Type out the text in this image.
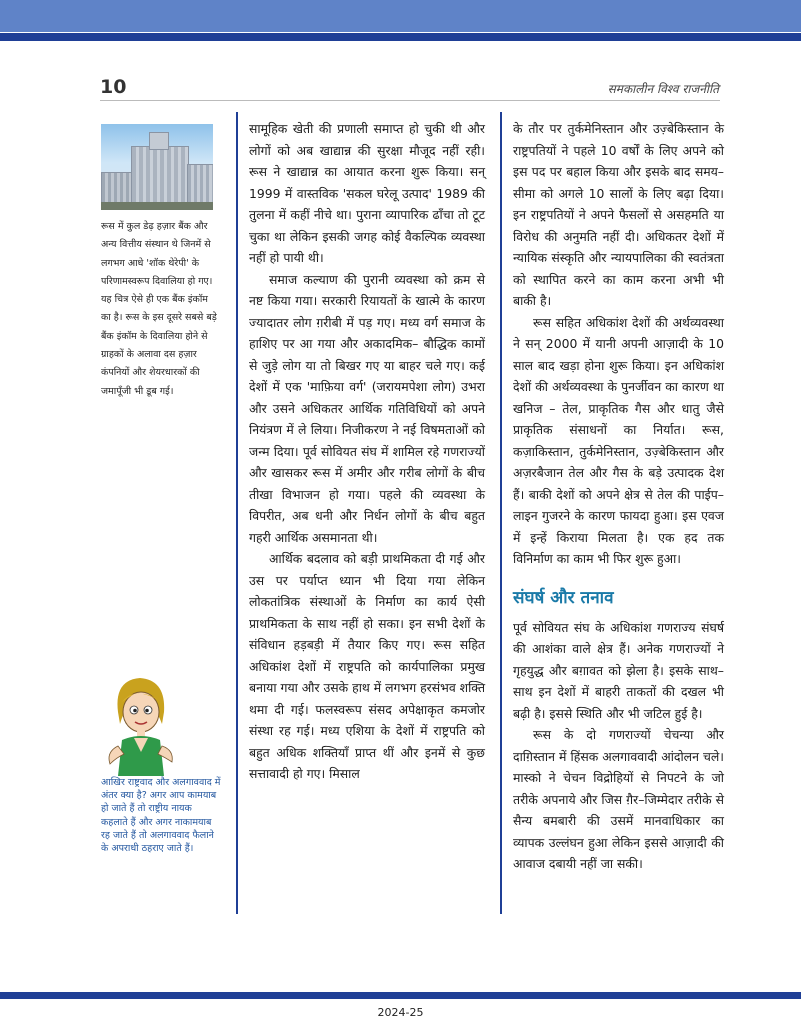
10	समकालीन विश्व राजनीति
रूस में कुल डेढ़ हज़ार बैंक और अन्य वित्तीय संस्थान थे जिनमें से लगभग आधे 'शॉक थेरेपी' के परिणामस्वरूप दिवालिया हो गए। यह चित्र ऐसे ही एक बैंक इंकॉम का है। रूस के इस दूसरे सबसे बड़े बैंक इंकॉम के दिवालिया होने से ग्राहकों के अलावा दस हज़ार कंपनियों और शेयरधारकों की जमापूँजी भी डूब गई।
आखिर राष्ट्रवाद और अलगाववाद में अंतर क्या है? अगर आप कामयाब हो जाते हैं तो राष्ट्रीय नायक कहलाते हैं और अगर नाकामयाब रह जाते हैं तो अलगाववाद फैलाने के अपराधी ठहराए जाते हैं।

सामूहिक खेती की प्रणाली समाप्त हो चुकी थी और लोगों को अब खाद्यान्न की सुरक्षा मौजूद नहीं रही। रूस ने खाद्यान्न का आयात करना शुरू किया। सन् 1999 में वास्तविक 'सकल घरेलू उत्पाद' 1989 की तुलना में कहीं नीचे था। पुराना व्यापारिक ढाँचा तो टूट चुका था लेकिन इसकी जगह कोई वैकल्पिक व्यवस्था नहीं हो पायी थी।

समाज कल्याण की पुरानी व्यवस्था को क्रम से नष्ट किया गया। सरकारी रियायतों के खात्मे के कारण ज्यादातर लोग ग़रीबी में पड़ गए। मध्य वर्ग समाज के हाशिए पर आ गया और अकादमिक– बौद्धिक कामों से जुड़े लोग या तो बिखर गए या बाहर चले गए। कई देशों में एक 'माफ़िया वर्ग' (जरायमपेशा लोग) उभरा और उसने अधिकतर आर्थिक गतिविधियों को अपने नियंत्रण में ले लिया। निजीकरण ने नई विषमताओं को जन्म दिया। पूर्व सोवियत संघ में शामिल रहे गणराज्यों और खासकर रूस में अमीर और गरीब लोगों के बीच तीखा विभाजन हो गया। पहले की व्यवस्था के विपरीत, अब धनी और निर्धन लोगों के बीच बहुत गहरी आर्थिक असमानता थी।

आर्थिक बदलाव को बड़ी प्राथमिकता दी गई और उस पर पर्याप्त ध्यान भी दिया गया लेकिन लोकतांत्रिक संस्थाओं के निर्माण का कार्य ऐसी प्राथमिकता के साथ नहीं हो सका। इन सभी देशों के संविधान हड़बड़ी में तैयार किए गए। रूस सहित अधिकांश देशों में राष्ट्रपति को कार्यपालिका प्रमुख बनाया गया और उसके हाथ में लगभग हरसंभव शक्ति थमा दी गई। फलस्वरूप संसद अपेक्षाकृत कमजोर संस्था रह गई। मध्य एशिया के देशों में राष्ट्रपति को बहुत अधिक शक्तियाँ प्राप्त थीं और इनमें से कुछ सत्तावादी हो गए। मिसाल

के तौर पर तुर्कमेनिस्तान और उज़्बेकिस्तान के राष्ट्रपतियों ने पहले 10 वर्षों के लिए अपने को इस पद पर बहाल किया और इसके बाद समय–सीमा को अगले 10 सालों के लिए बढ़ा दिया। इन राष्ट्रपतियों ने अपने फैसलों से असहमति या विरोध की अनुमति नहीं दी। अधिकतर देशों में न्यायिक संस्कृति और न्यायपालिका की स्वतंत्रता को स्थापित करने का काम करना अभी भी बाकी है।

रूस सहित अधिकांश देशों की अर्थव्यवस्था ने सन् 2000 में यानी अपनी आज़ादी के 10 साल बाद खड़ा होना शुरू किया। इन अधिकांश देशों की अर्थव्यवस्था के पुनर्जीवन का कारण था खनिज – तेल, प्राकृतिक गैस और धातु जैसे प्राकृतिक संसाधनों का निर्यात। रूस, कज़ाकिस्तान, तुर्कमेनिस्तान, उज़्बेकिस्तान और अज़रबैजान तेल और गैस के बड़े उत्पादक देश हैं। बाकी देशों को अपने क्षेत्र से तेल की पाईप–लाइन गुजरने के कारण फायदा हुआ। इस एवज में इन्हें किराया मिलता है। एक हद तक विनिर्माण का काम भी फिर शुरू हुआ।

संघर्ष और तनाव

पूर्व सोवियत संघ के अधिकांश गणराज्य संघर्ष की आशंका वाले क्षेत्र हैं। अनेक गणराज्यों ने गृहयुद्ध और बग़ावत को झेला है। इसके साथ–साथ इन देशों में बाहरी ताकतों की दखल भी बढ़ी है। इससे स्थिति और भी जटिल हुई है।

रूस के दो गणराज्यों चेचन्या और दाग़िस्तान में हिंसक अलगाववादी आंदोलन चले। मास्को ने चेचन विद्रोहियों से निपटने के जो तरीके अपनाये और जिस ग़ैर–जिम्मेदार तरीके से सैन्य बमबारी की उसमें मानवाधिकार का व्यापक उल्लंघन हुआ लेकिन इससे आज़ादी की आवाज दबायी नहीं जा सकी।

2024-25
